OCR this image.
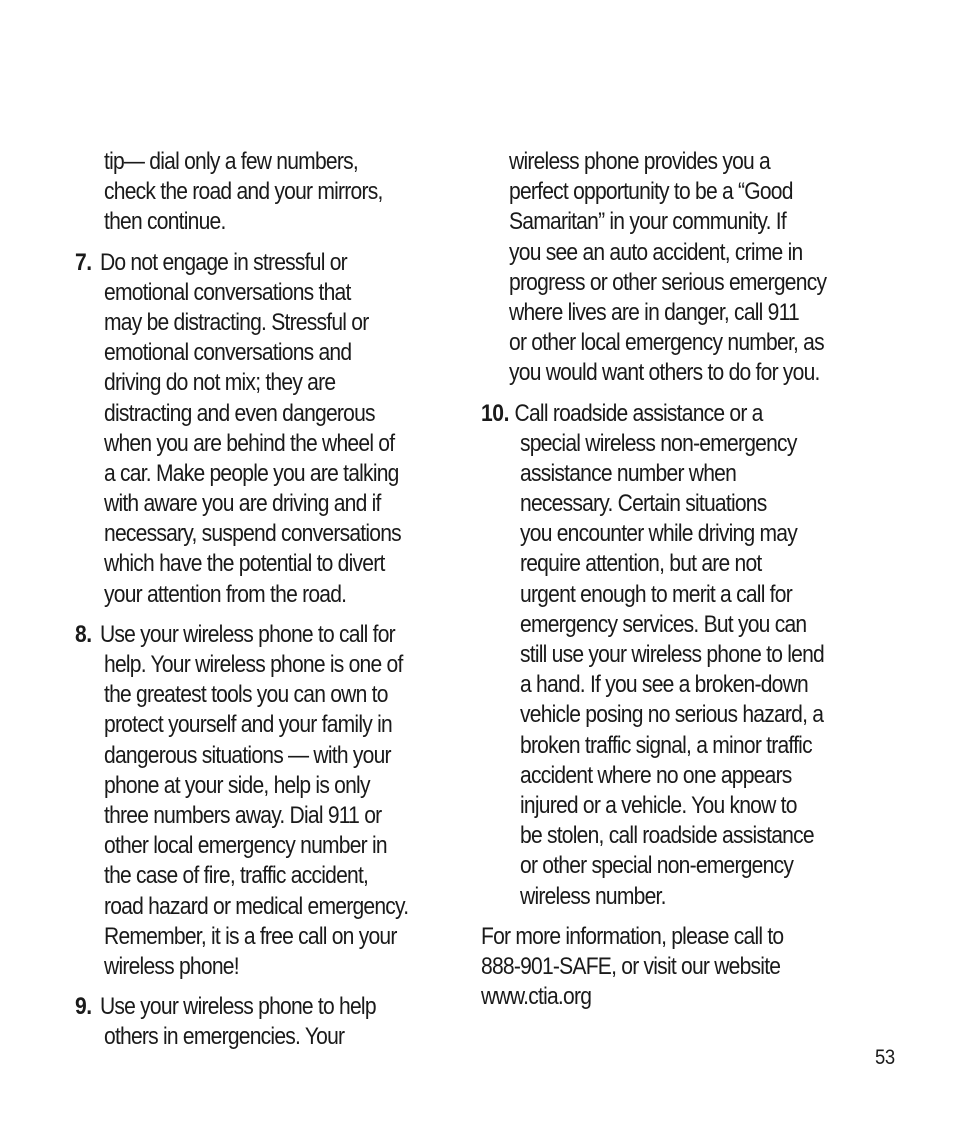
tip— dial only a few numbers,
check the road and your mirrors,
then continue.
7. Do not engage in stressful or
emotional conversations that
may be distracting. Stressful or
emotional conversations and
driving do not mix; they are
distracting and even dangerous
when you are behind the wheel of
a car. Make people you are talking
with aware you are driving and if
necessary, suspend conversations
which have the potential to divert
your attention from the road.
8. Use your wireless phone to call for
help. Your wireless phone is one of
the greatest tools you can own to
protect yourself and your family in
dangerous situations — with your
phone at your side, help is only
three numbers away. Dial 911 or
other local emergency number in
the case of fire, traffic accident,
road hazard or medical emergency.
Remember, it is a free call on your
wireless phone!
9. Use your wireless phone to help
others in emergencies. Your
wireless phone provides you a
perfect opportunity to be a “Good
Samaritan” in your community. If
you see an auto accident, crime in
progress or other serious emergency
where lives are in danger, call 911
or other local emergency number, as
you would want others to do for you.
10. Call roadside assistance or a
special wireless non-emergency
assistance number when
necessary. Certain situations
you encounter while driving may
require attention, but are not
urgent enough to merit a call for
emergency services. But you can
still use your wireless phone to lend
a hand. If you see a broken-down
vehicle posing no serious hazard, a
broken traffic signal, a minor traffic
accident where no one appears
injured or a vehicle. You know to
be stolen, call roadside assistance
or other special non-emergency
wireless number.
For more information, please call to
888-901-SAFE, or visit our website
www.ctia.org
53
